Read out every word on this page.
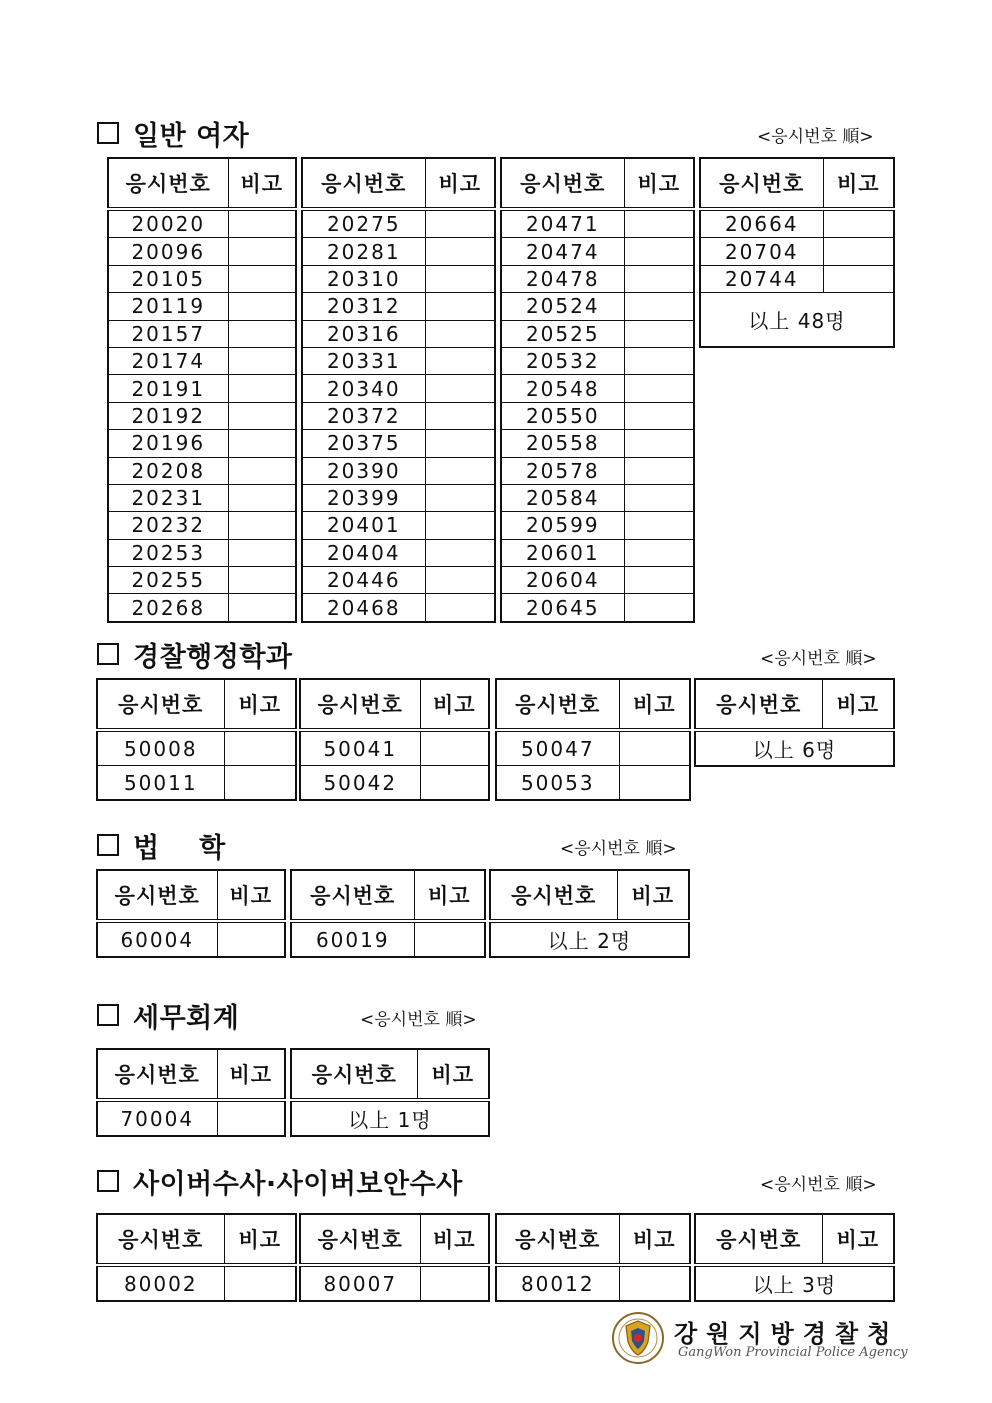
일반 여자	<응시번호 順>
응시번호	비고
20020	
20096	
20105	
20119	
20157	
20174	
20191	
20192	
20196	
20208	
20231	
20232	
20253	
20255	
20268	
응시번호	비고
20275	
20281	
20310	
20312	
20316	
20331	
20340	
20372	
20375	
20390	
20399	
20401	
20404	
20446	
20468	
응시번호	비고
20471	
20474	
20478	
20524	
20525	
20532	
20548	
20550	
20558	
20578	
20584	
20599	
20601	
20604	
20645	
응시번호	비고
20664	
20704	
20744	
以上 48명	
경찰행정학과	<응시번호 順>
응시번호	비고
50008	
50011	
응시번호	비고
50041	
50042	
응시번호	비고
50047	
50053	
응시번호	비고
以上 6명
법    학	<응시번호 順>
응시번호	비고
60004	
응시번호	비고
60019	
응시번호	비고
以上 2명
세무회계	<응시번호 順>
응시번호	비고
70004	
응시번호	비고
以上 1명
사이버수사·사이버보안수사	<응시번호 順>
응시번호	비고
80002	
응시번호	비고
80007	
응시번호	비고
80012	
응시번호	비고
以上 3명
강원지방경찰청
GangWon Provincial Police Agency
